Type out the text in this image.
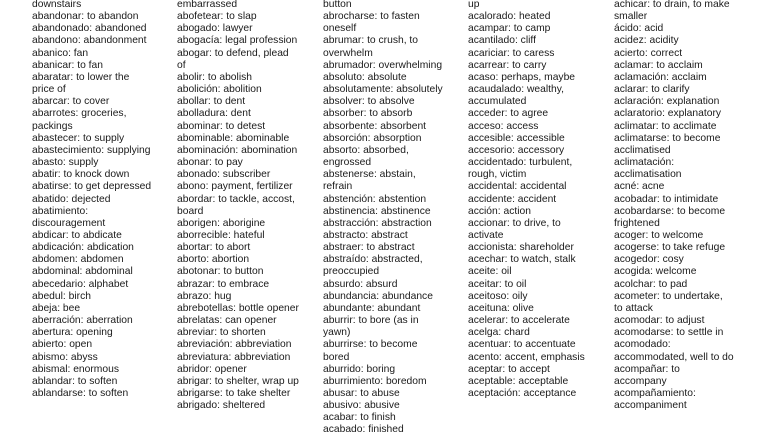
downstairs
abandonar: to abandon
abandonado: abandoned
abandono: abandonment
abanico: fan
abanicar: to fan
abaratar: to lower the price of
abarcar: to cover
abarrotes: groceries, packings
abastecer: to supply
abastecimiento: supplying
abasto: supply
abatir: to knock down
abatirse: to get depressed
abatido: dejected
abatimiento: discouragement
abdicar: to abdicate
abdicación: abdication
abdomen: abdomen
abdominal: abdominal
abecedario: alphabet
abedul: birch
abeja: bee
aberración: aberration
abertura: opening
abierto: open
abismo: abyss
abismal: enormous
ablandar: to soften
ablandarse: to soften
embarrassed
abofetear: to slap
abogado: lawyer
abogacía: legal profession
abogar: to defend, plead of
abolir: to abolish
abolición: abolition
abollar: to dent
abolladura: dent
abominar: to detest
abominable: abominable
abominación: abomination
abonar: to pay
abonado: subscriber
abono: payment, fertilizer
abordar: to tackle, accost, board
aborigen: aborigine
aborrecible: hateful
abortar: to abort
aborto: abortion
abotonar: to button
abrazar: to embrace
abrazo: hug
abrebotellas: bottle opener
abrelatas: can opener
abreviar: to shorten
abreviación: abbreviation
abreviatura: abbreviation
abridor: opener
abrigar: to shelter, wrap up
abrigarse: to take shelter
abrigado: sheltered
button
abrocharse: to fasten oneself
abrumar: to crush, to overwhelm
abrumador: overwhelming
absoluto: absolute
absolutamente: absolutely
absolver: to absolve
absorber: to absorb
absorbente: absorbent
absorción: absorption
absorto: absorbed, engrossed
abstenerse: abstain, refrain
abstención: abstention
abstinencia: abstinence
abstracción: abstraction
abstracto: abstract
abstraer: to abstract
abstraído: abstracted, preoccupied
absurdo: absurd
abundancia: abundance
abundante: abundant
aburrir: to bore (as in yawn)
aburrirse: to become bored
aburrido: boring
aburrimiento: boredom
abusar: to abuse
abusivo: abusive
acabar: to finish
acabado: finished
up
acalorado: heated
acampar: to camp
acantilado: cliff
acariciar: to caress
acarrear: to carry
acaso: perhaps, maybe
acaudalado: wealthy, accumulated
acceder: to agree
acceso: access
accesible: accessible
accesorio: accessory
accidentado: turbulent, rough, victim
accidental: accidental
accidente: accident
acción: action
accionar: to drive, to activate
accionista: shareholder
acechar: to watch, stalk
aceite: oil
aceitar: to oil
aceitoso: oily
aceituna: olive
acelerar: to accelerate
acelga: chard
acentuar: to accentuate
acento: accent, emphasis
aceptar: to accept
aceptable: acceptable
aceptación: acceptance
achicar: to drain, to make smaller
ácido: acid
acidez: acidity
acierto: correct
aclamar: to acclaim
aclamación: acclaim
aclarar: to clarify
aclaración: explanation
aclaratorio: explanatory
aclimatar: to acclimate
aclimatarse: to become acclimatised
aclimatación: acclimatisation
acné: acne
acobadar: to intimidate
acobardarse: to become frightened
acoger: to welcome
acogerse: to take refuge
acogedor: cosy
acogida: welcome
acolchar: to pad
acometer: to undertake, to attack
acomodar: to adjust
acomodarse: to settle in
acomodado: accommodated, well to do
acompañar: to accompany
acompañamiento: accompaniment
